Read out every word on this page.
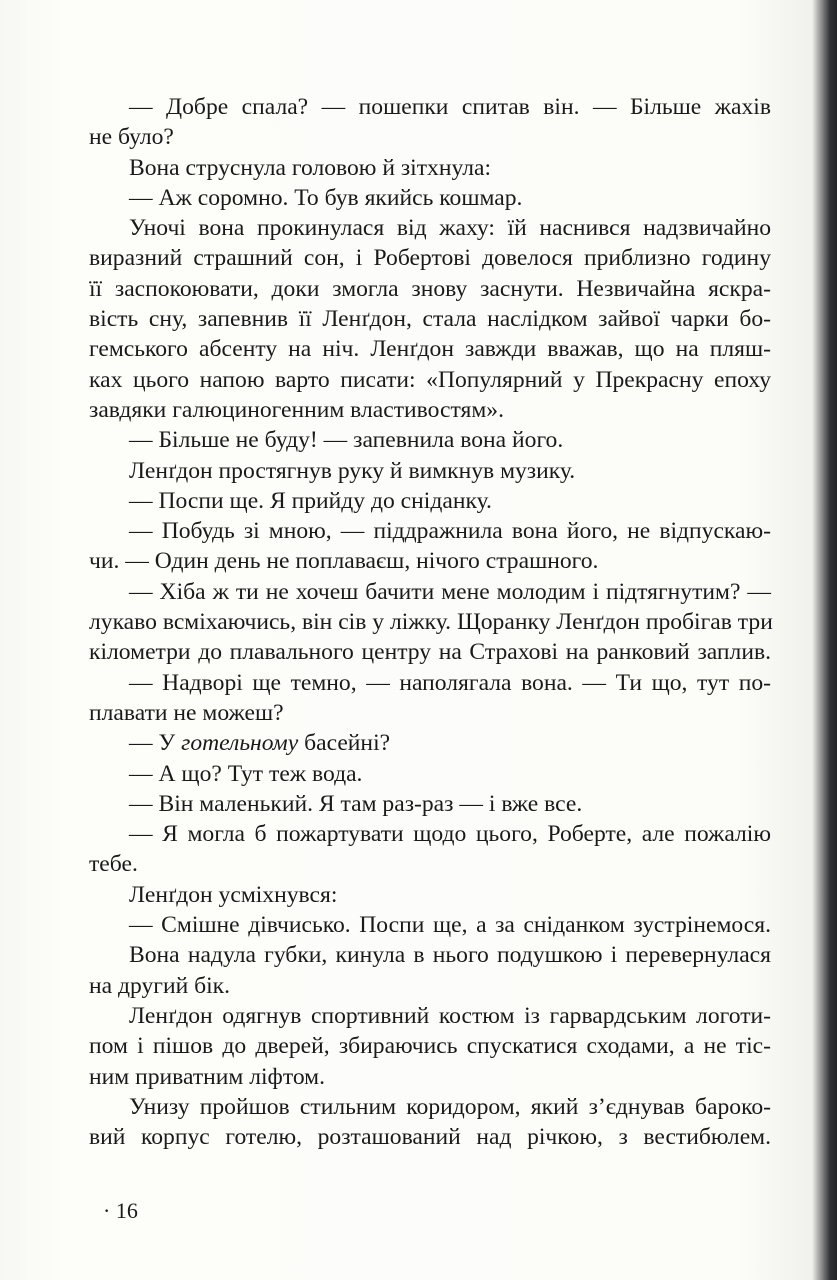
— Добре спала? — пошепки спитав він. — Більше жахів
не було?
Вона струснула головою й зітхнула:
— Аж соромно. То був якийсь кошмар.
Уночі вона прокинулася від жаху: їй наснився надзвичайно
виразний страшний сон, і Робертові довелося приблизно годину
її заспокоювати, доки змогла знову заснути. Незвичайна яскра-
вість сну, запевнив її Ленґдон, стала наслідком зайвої чарки бо-
гемського абсенту на ніч. Ленґдон завжди вважав, що на пляш-
ках цього напою варто писати: «Популярний у Прекрасну епоху
завдяки галюциногенним властивостям».
— Більше не буду! — запевнила вона його.
Ленґдон простягнув руку й вимкнув музику.
— Поспи ще. Я прийду до сніданку.
— Побудь зі мною, — піддражнила вона його, не відпускаю-
чи. — Один день не поплаваєш, нічого страшного.
— Хіба ж ти не хочеш бачити мене молодим і підтягнутим? —
лукаво всміхаючись, він сів у ліжку. Щоранку Ленґдон пробігав три
кілометри до плавального центру на Страхові на ранковий заплив.
— Надворі ще темно, — наполягала вона. — Ти що, тут по-
плавати не можеш?
— У готельному басейні?
— А що? Тут теж вода.
— Він маленький. Я там раз-раз — і вже все.
— Я могла б пожартувати щодо цього, Роберте, але пожалію
тебе.
Ленґдон усміхнувся:
— Смішне дівчисько. Поспи ще, а за сніданком зустрінемося.
Вона надула губки, кинула в нього подушкою і перевернулася
на другий бік.
Ленґдон одягнув спортивний костюм із гарвардським логоти-
пом і пішов до дверей, збираючись спускатися сходами, а не тіс-
ним приватним ліфтом.
Унизу пройшов стильним коридором, який з’єднував бароко-
вий корпус готелю, розташований над річкою, з вестибюлем.
· 16
